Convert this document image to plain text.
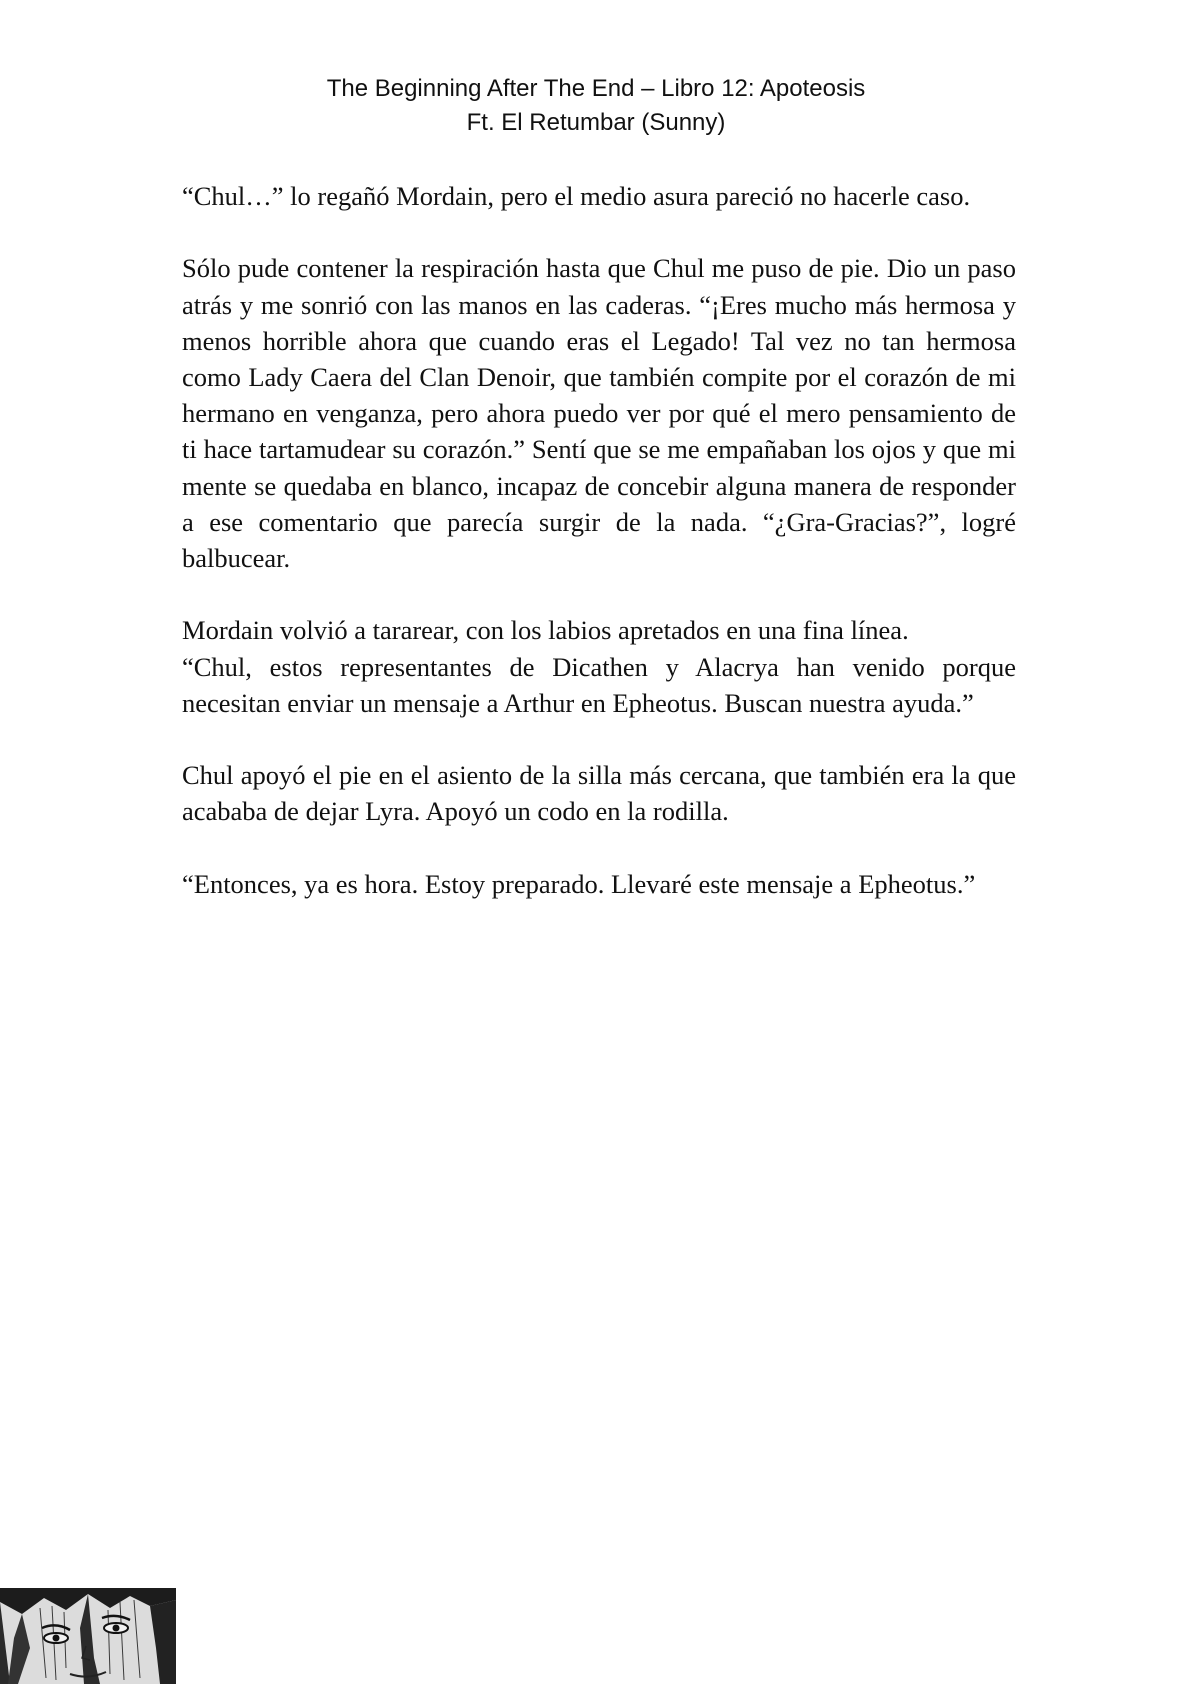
The Beginning After The End – Libro 12: Apoteosis
Ft. El Retumbar (Sunny)

“Chul…” lo regañó Mordain, pero el medio asura pareció no hacerle caso.

Sólo pude contener la respiración hasta que Chul me puso de pie. Dio un paso atrás y me sonrió con las manos en las caderas. “¡Eres mucho más hermosa y menos horrible ahora que cuando eras el Legado! Tal vez no tan hermosa como Lady Caera del Clan Denoir, que también compite por el corazón de mi hermano en venganza, pero ahora puedo ver por qué el mero pensamiento de ti hace tartamudear su corazón.” Sentí que se me empañaban los ojos y que mi mente se quedaba en blanco, incapaz de concebir alguna manera de responder a ese comentario que parecía surgir de la nada. “¿Gra-Gracias?”, logré balbucear.

Mordain volvió a tararear, con los labios apretados en una fina línea.

“Chul, estos representantes de Dicathen y Alacrya han venido porque necesitan enviar un mensaje a Arthur en Epheotus. Buscan nuestra ayuda.”

Chul apoyó el pie en el asiento de la silla más cercana, que también era la que acababa de dejar Lyra. Apoyó un codo en la rodilla.

“Entonces, ya es hora. Estoy preparado. Llevaré este mensaje a Epheotus.”
